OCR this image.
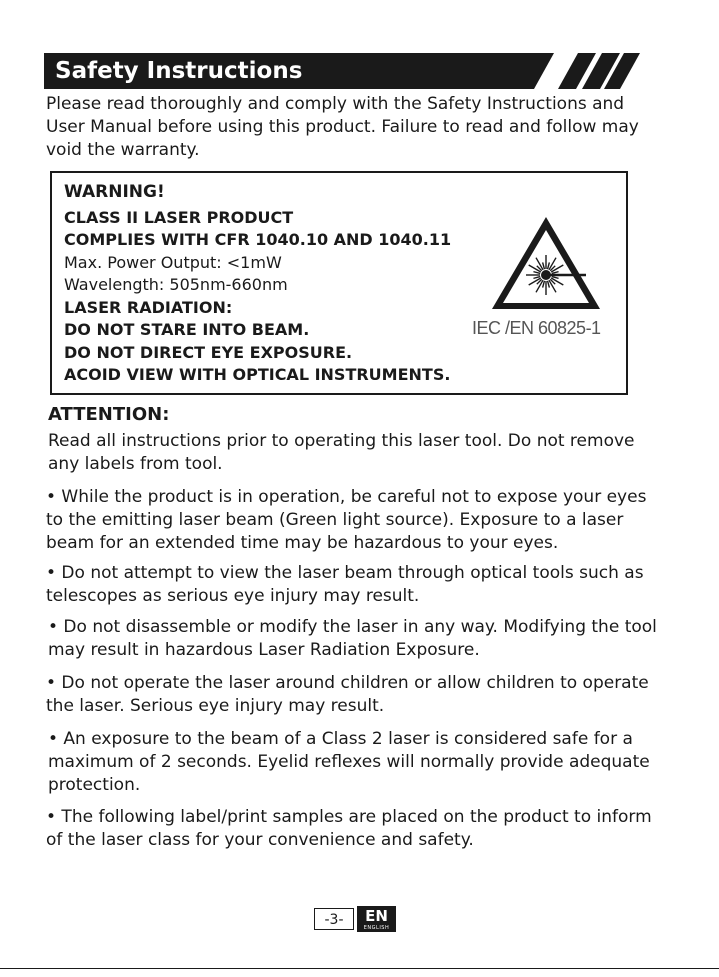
Safety Instructions

Please read thoroughly and comply with the Safety Instructions and User Manual before using this product. Failure to read and follow may void the warranty.

WARNING!
CLASS II LASER PRODUCT
COMPLIES WITH CFR 1040.10 AND 1040.11
Max. Power Output: <1mW
Wavelength: 505nm-660nm
LASER RADIATION:
DO NOT STARE INTO BEAM.
DO NOT DIRECT EYE EXPOSURE.
ACOID VIEW WITH OPTICAL INSTRUMENTS.
IEC /EN 60825-1
ATTENTION:

Read all instructions prior to operating this laser tool. Do not remove any labels from tool.

• While the product is in operation, be careful not to expose your eyes to the emitting laser beam (Green light source). Exposure to a laser beam for an extended time may be hazardous to your eyes.

• Do not attempt to view the laser beam through optical tools such as telescopes as serious eye injury may result.

• Do not disassemble or modify the laser in any way. Modifying the tool may result in hazardous Laser Radiation Exposure.

• Do not operate the laser around children or allow children to operate the laser. Serious eye injury may result.

• An exposure to the beam of a Class 2 laser is considered safe for a maximum of 2 seconds. Eyelid reflexes will normally provide adequate protection.

• The following label/print samples are placed on the product to inform of the laser class for your convenience and safety.

-3-	EN
ENGLISH
